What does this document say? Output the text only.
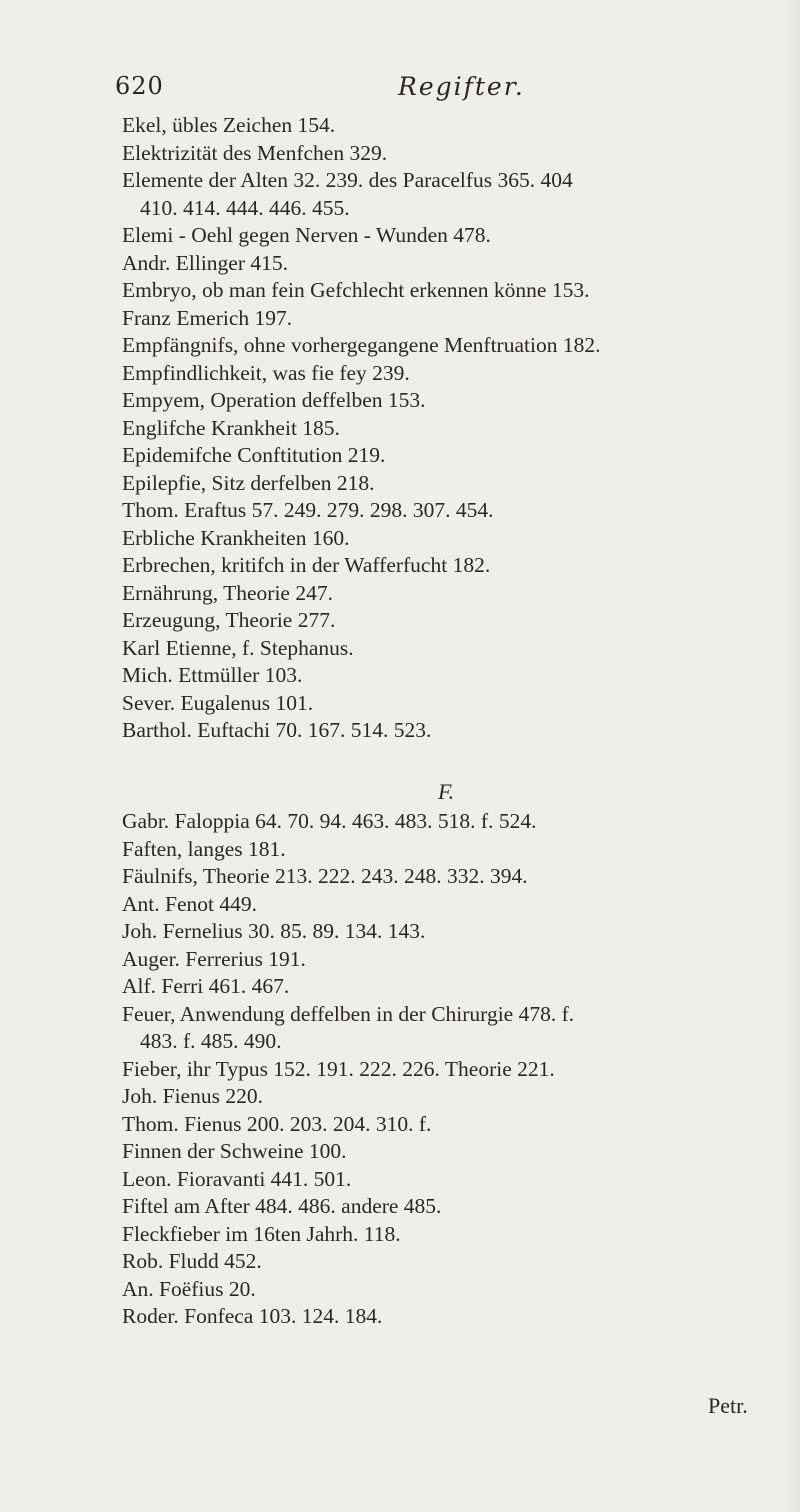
620	Regifter.
Ekel, übles Zeichen 154.
Elektrizität des Menfchen 329.
Elemente der Alten 32. 239. des Paracelfus 365. 404
410. 414. 444. 446. 455.
Elemi - Oehl gegen Nerven - Wunden 478.
Andr. Ellinger 415.
Embryo, ob man fein Gefchlecht erkennen könne 153.
Franz Emerich 197.
Empfängnifs, ohne vorhergegangene Menftruation 182.
Empfindlichkeit, was fie fey 239.
Empyem, Operation deffelben 153.
Englifche Krankheit 185.
Epidemifche Conftitution 219.
Epilepfie, Sitz derfelben 218.
Thom. Eraftus 57. 249. 279. 298. 307. 454.
Erbliche Krankheiten 160.
Erbrechen, kritifch in der Wafferfucht 182.
Ernährung, Theorie 247.
Erzeugung, Theorie 277.
Karl Etienne, f. Stephanus.
Mich. Ettmüller 103.
Sever. Eugalenus 101.
Barthol. Euftachi 70. 167. 514. 523.
F.
Gabr. Faloppia 64. 70. 94. 463. 483. 518. f. 524.
Faften, langes 181.
Fäulnifs, Theorie 213. 222. 243. 248. 332. 394.
Ant. Fenot 449.
Joh. Fernelius 30. 85. 89. 134. 143.
Auger. Ferrerius 191.
Alf. Ferri 461. 467.
Feuer, Anwendung deffelben in der Chirurgie 478. f.
483. f. 485. 490.
Fieber, ihr Typus 152. 191. 222. 226. Theorie 221.
Joh. Fienus 220.
Thom. Fienus 200. 203. 204. 310. f.
Finnen der Schweine 100.
Leon. Fioravanti 441. 501.
Fiftel am After 484. 486. andere 485.
Fleckfieber im 16ten Jahrh. 118.
Rob. Fludd 452.
An. Foëfius 20.
Roder. Fonfeca 103. 124. 184.
Petr.
